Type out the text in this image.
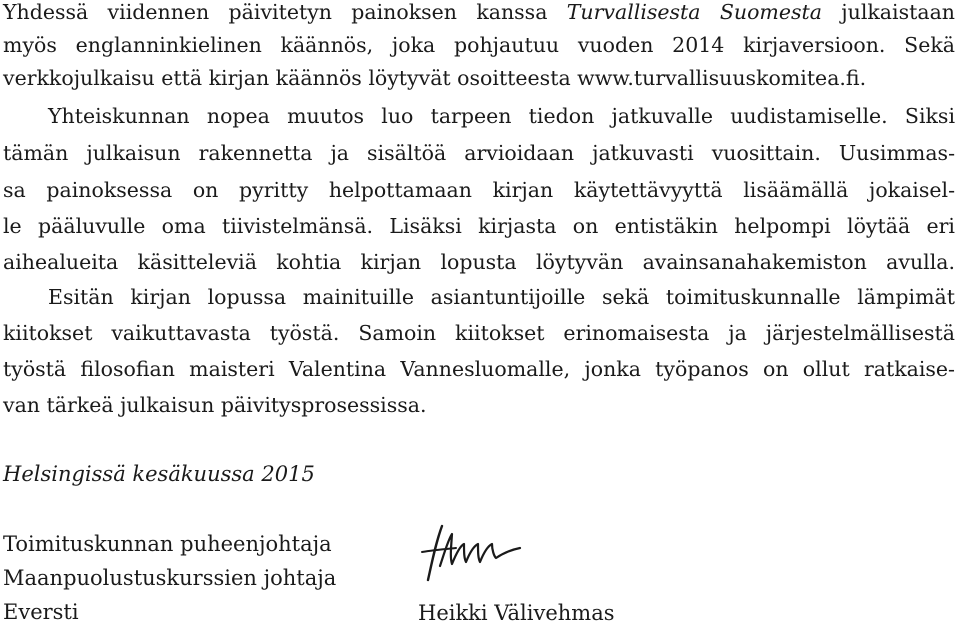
Yhdessä viidennen päivitetyn painoksen kanssa Turvallisesta Suomesta julkaistaan
myös englanninkielinen käännös, joka pohjautuu vuoden 2014 kirjaversioon. Sekä
verkkojulkaisu että kirjan käännös löytyvät osoitteesta www.turvallisuuskomitea.fi.
Yhteiskunnan nopea muutos luo tarpeen tiedon jatkuvalle uudistamiselle. Siksi
tämän julkaisun rakennetta ja sisältöä arvioidaan jatkuvasti vuosittain. Uusimmas-
sa painoksessa on pyritty helpottamaan kirjan käytettävyyttä lisäämällä jokaisel-
le pääluvulle oma tiivistelmänsä. Lisäksi kirjasta on entistäkin helpompi löytää eri
aihealueita käsitteleviä kohtia kirjan lopusta löytyvän avainsanahakemiston avulla.
Esitän kirjan lopussa mainituille asiantuntijoille sekä toimituskunnalle lämpimät
kiitokset vaikuttavasta työstä. Samoin kiitokset erinomaisesta ja järjestelmällisestä
työstä filosofian maisteri Valentina Vannesluomalle, jonka työpanos on ollut ratkaise-
van tärkeä julkaisun päivitysprosessissa.
Helsingissä kesäkuussa 2015
Toimituskunnan puheenjohtaja
Maanpuolustuskurssien johtaja
Eversti	Heikki Välivehmas
